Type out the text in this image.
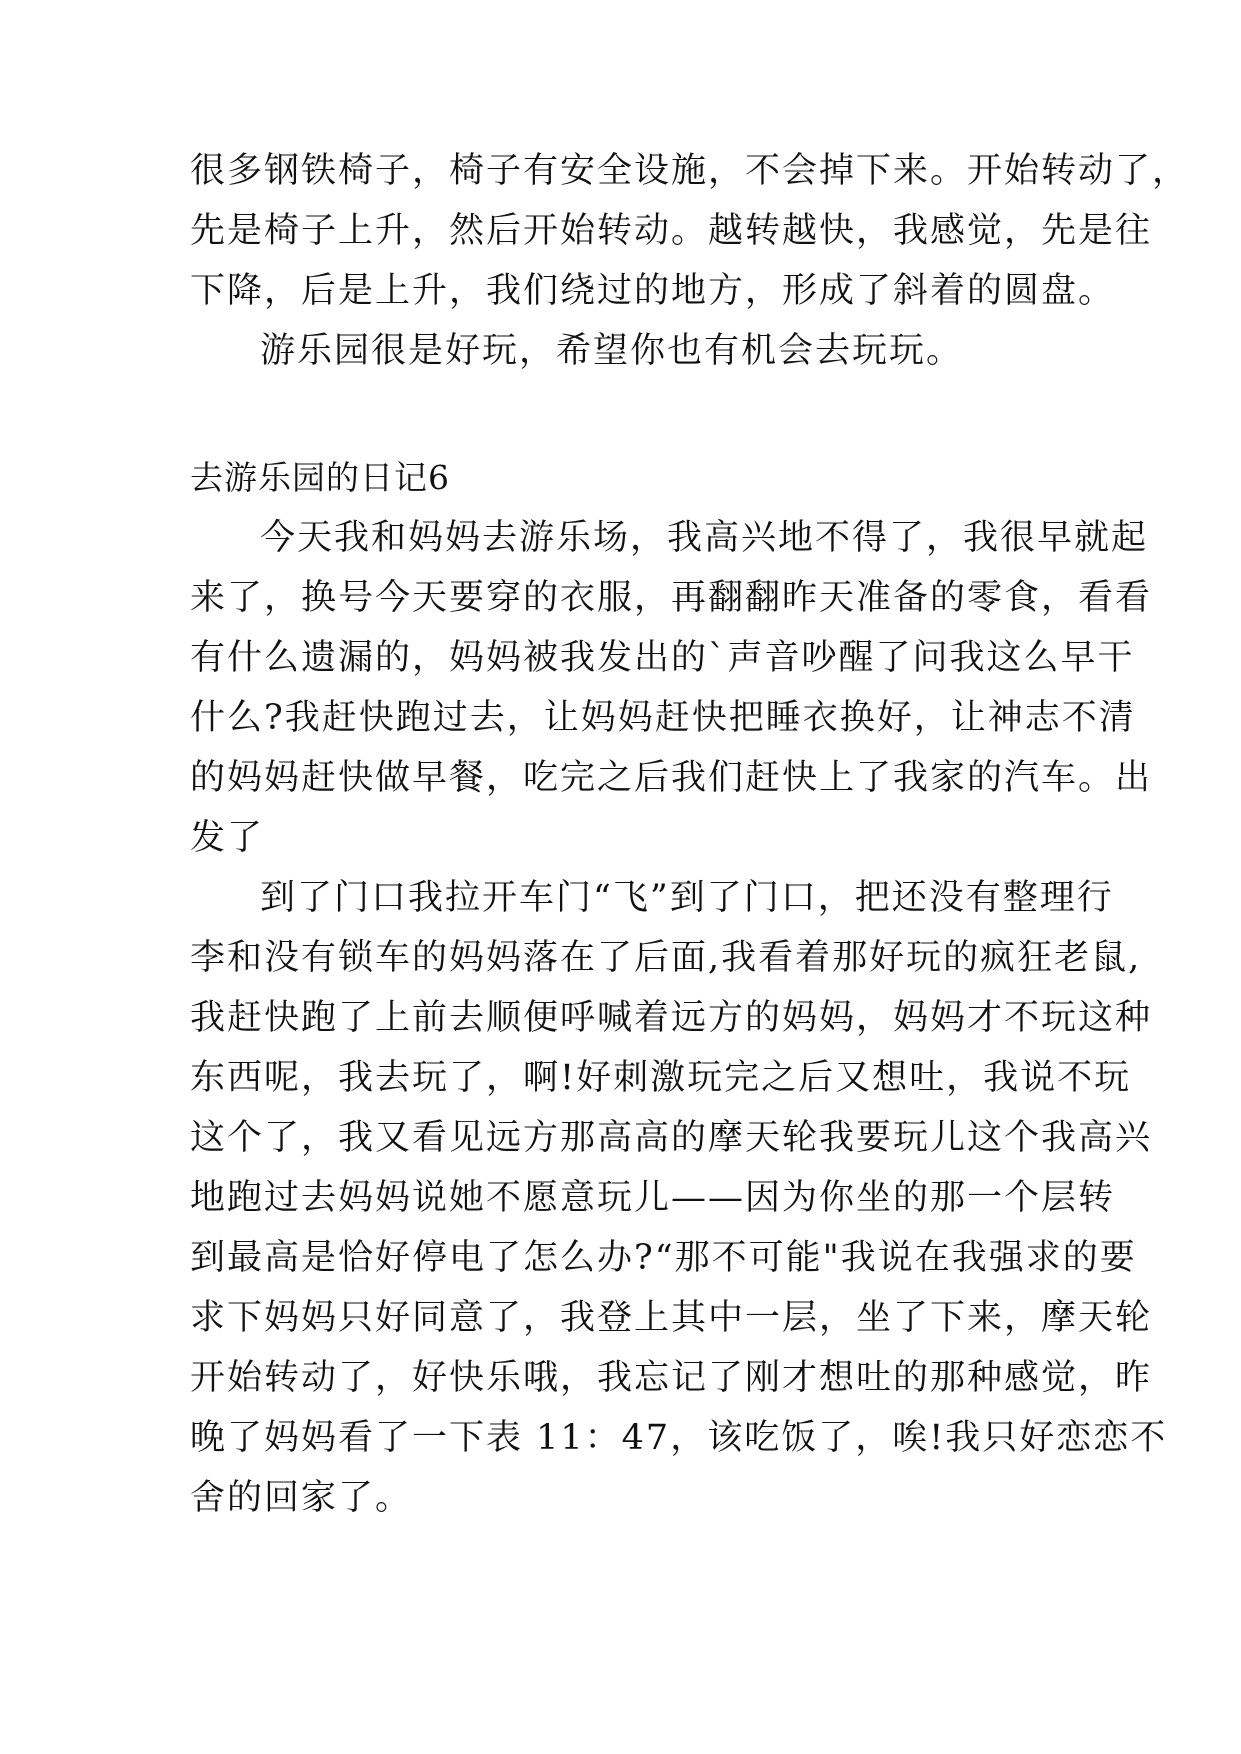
很多钢铁椅子，椅子有安全设施，不会掉下来。开始转动了，
先是椅子上升，然后开始转动。越转越快，我感觉，先是往
下降，后是上升，我们绕过的地方，形成了斜着的圆盘。
游乐园很是好玩，希望你也有机会去玩玩。
去游乐园的日记6
今天我和妈妈去游乐场，我高兴地不得了，我很早就起
来了，换号今天要穿的衣服，再翻翻昨天准备的零食，看看
有什么遗漏的，妈妈被我发出的`声音吵醒了问我这么早干
什么?我赶快跑过去，让妈妈赶快把睡衣换好，让神志不清
的妈妈赶快做早餐，吃完之后我们赶快上了我家的汽车。出
发了
到了门口我拉开车门“飞”到了门口，把还没有整理行
李和没有锁车的妈妈落在了后面,我看着那好玩的疯狂老鼠,
我赶快跑了上前去顺便呼喊着远方的妈妈，妈妈才不玩这种
东西呢，我去玩了，啊!好刺激玩完之后又想吐，我说不玩
这个了，我又看见远方那高高的摩天轮我要玩儿这个我高兴
地跑过去妈妈说她不愿意玩儿——因为你坐的那一个层转
到最高是恰好停电了怎么办?“那不可能"我说在我强求的要
求下妈妈只好同意了，我登上其中一层，坐了下来，摩天轮
开始转动了，好快乐哦，我忘记了刚才想吐的那种感觉，昨
晚了妈妈看了一下表 11：47，该吃饭了，唉!我只好恋恋不
舍的回家了。
